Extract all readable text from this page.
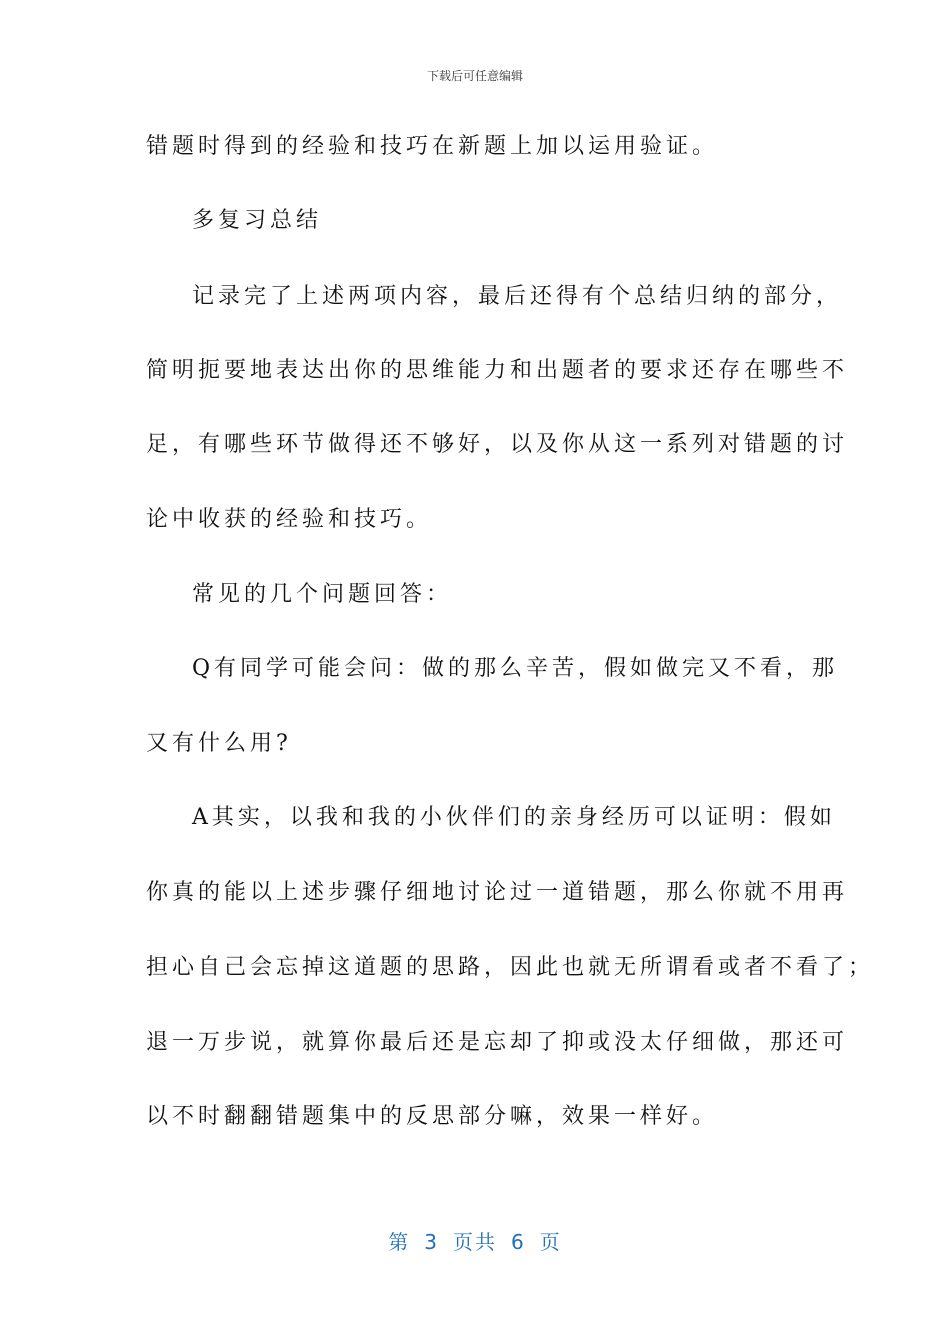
下载后可任意编辑
错题时得到的经验和技巧在新题上加以运用验证。
多复习总结
记录完了上述两项内容，最后还得有个总结归纳的部分，
简明扼要地表达出你的思维能力和出题者的要求还存在哪些不
足，有哪些环节做得还不够好，以及你从这一系列对错题的讨
论中收获的经验和技巧。
常见的几个问题回答：
Q有同学可能会问：做的那么辛苦，假如做完又不看，那
又有什么用?
A其实，以我和我的小伙伴们的亲身经历可以证明：假如
你真的能以上述步骤仔细地讨论过一道错题，那么你就不用再
担心自己会忘掉这道题的思路，因此也就无所谓看或者不看了；
退一万步说，就算你最后还是忘却了抑或没太仔细做，那还可
以不时翻翻错题集中的反思部分嘛，效果一样好。
第 3 页共 6 页
